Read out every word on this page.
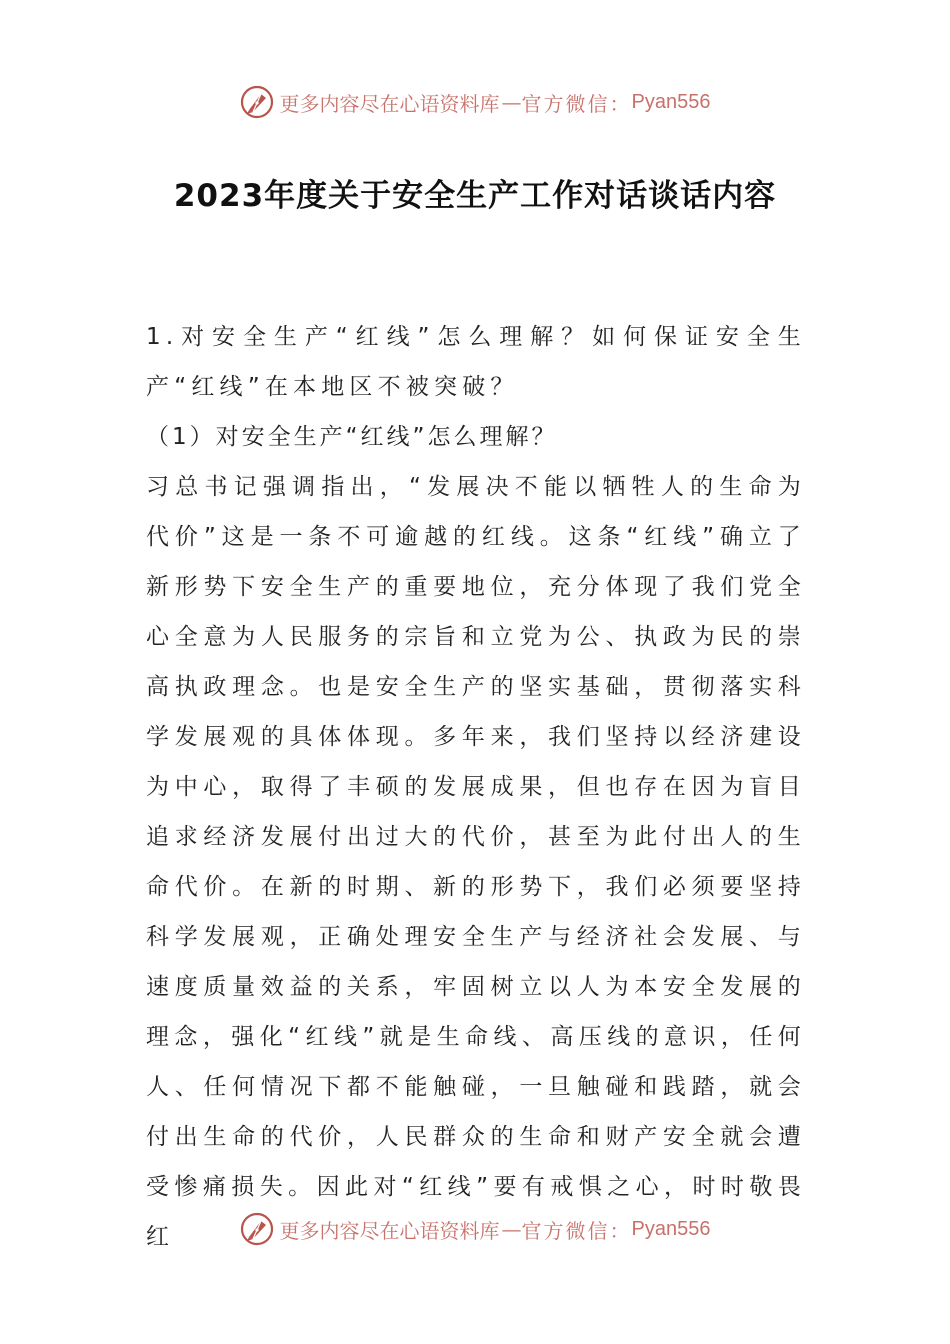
更多内容尽在心语资料库 — 官方微信： Pyan556
2023年度关于安全生产工作对话谈话内容

1.对安全生产“红线”怎么理解？如何保证安全生产“红线”在本地区不被突破？

（1）对安全生产“红线”怎么理解？

习总书记强调指出，“发展决不能以牺牲人的生命为代价”这是一条不可逾越的红线。这条“红线”确立了新形势下安全生产的重要地位，充分体现了我们党全心全意为人民服务的宗旨和立党为公、执政为民的崇高执政理念。也是安全生产的坚实基础，贯彻落实科学发展观的具体体现。多年来，我们坚持以经济建设为中心，取得了丰硕的发展成果，但也存在因为盲目追求经济发展付出过大的代价，甚至为此付出人的生命代价。在新的时期、新的形势下，我们必须要坚持科学发展观，正确处理安全生产与经济社会发展、与速度质量效益的关系，牢固树立以人为本安全发展的理念，强化“红线”就是生命线、高压线的意识，任何人、任何情况下都不能触碰，一旦触碰和践踏，就会付出生命的代价，人民群众的生命和财产安全就会遭受惨痛损失。因此对“红线”要有戒惧之心，时时敬畏红	更多内容尽在心语资料库 — 官方微信： Pyan556
